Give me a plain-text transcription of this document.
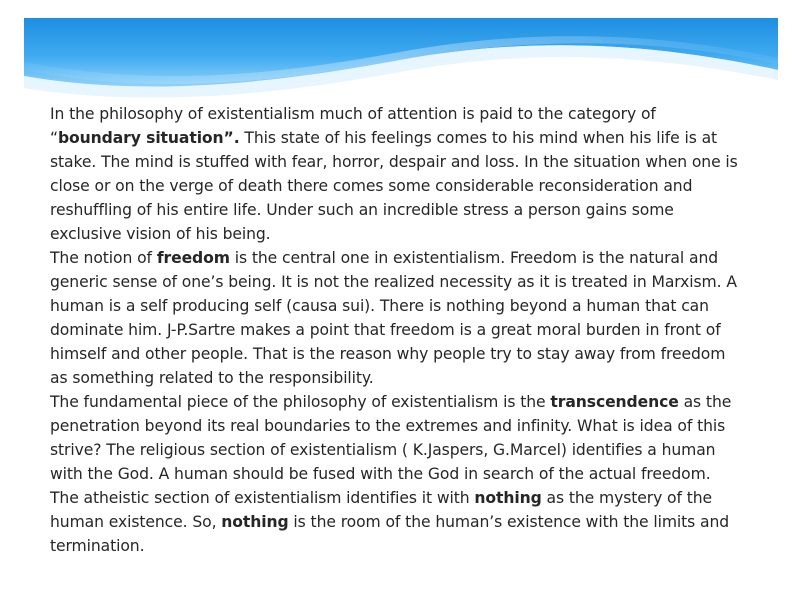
In the philosophy of existentialism much of attention is paid to the category of “boundary situation”. This state of his feelings comes to his mind when his life is at stake. The mind is stuffed with fear, horror, despair and loss. In the situation when one is close or on the verge of death there comes some considerable reconsideration and reshuffling of his entire life. Under such an incredible stress a person gains some exclusive vision of his being.

The notion of freedom is the central one in existentialism. Freedom is the natural and generic sense of one’s being. It is not the realized necessity as it is treated in Marxism. A human is a self producing self (causa sui). There is nothing beyond a human that can dominate him. J-P.Sartre makes a point that freedom is a great moral burden in front of himself and other people. That is the reason why people try to stay away from freedom as something related to the responsibility.

The fundamental piece of the philosophy of existentialism is the transcendence as the penetration beyond its real boundaries to the extremes and infinity. What is idea of this strive? The religious section of existentialism ( K.Jaspers, G.Marcel) identifies a human with the God. A human should be fused with the God in search of the actual freedom. The atheistic section of existentialism identifies it with nothing as the mystery of the human existence. So, nothing is the room of the human’s existence with the limits and termination.
